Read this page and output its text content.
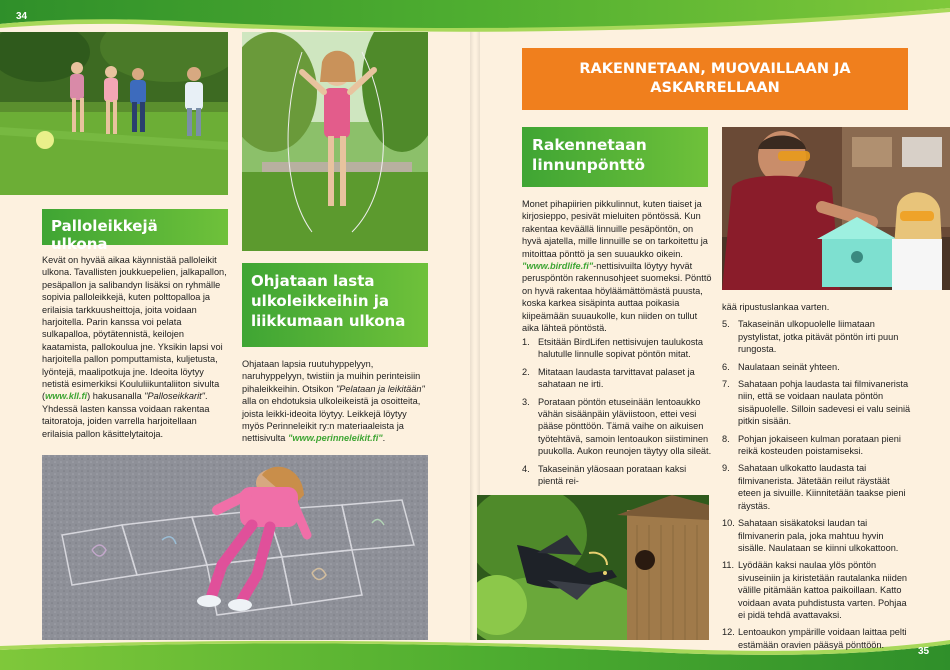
34
35
Palloleikkejä ulkona

Kevät on hyvää aikaa käynnistää palloleikit ulkona. Tavallisten joukkuepelien, jalkapallon, pesäpallon ja salibandyn lisäksi on ryhmälle sopivia palloleikkejä, kuten polttopalloa ja erilaisia tarkkuusheittoja, joita voidaan harjoitella. Parin kanssa voi pelata sulkapalloa, pöytätennistä, keilojen kaatamista, pallokoulua jne. Yksikin lapsi voi harjoitella pallon pomputtamista, kuljetusta, lyöntejä, maalipotkuja jne. Ideoita löytyy netistä esimerkiksi Koululiikuntaliiton sivulta (www.kll.fi) hakusanalla "Palloseikkarit". Yhdessä lasten kanssa voidaan rakentaa taitoratoja, joiden varrella harjoitellaan erilaisia pallon käsittelytaitoja.

Ohjataan lasta ulkoleikkeihin ja liikkumaan ulkona

Ohjataan lapsia ruutuhyppelyyn, naruhyppelyyn, twistiin ja muihin perinteisiin pihaleikkeihin. Otsikon "Pelataan ja leikitään" alla on ehdotuksia ulkoleikeistä ja osoitteita, joista leikki-ideoita löytyy. Leikkejä löytyy myös Perinneleikit ry:n materiaaleista ja nettisivulta "www.perinneleikit.fi".

RAKENNETAAN, MUOVAILLAAN JA ASKARRELLAAN
Rakennetaan linnunpönttö

Monet pihapiirien pikkulinnut, kuten tiaiset ja kirjosieppo, pesivät mieluiten pöntössä. Kun rakentaa keväällä linnuille pesäpöntön, on hyvä ajatella, mille linnuille se on tarkoitettu ja mitoittaa pönttö ja sen suuaukko oikein. "www.birdlife.fi"-nettisivuilta löytyy hyvät peruspöntön rakennusohjeet suomeksi. Pönttö on hyvä rakentaa höyläämättömästä puusta, koska karkea sisäpinta auttaa poikasia kiipeämään suuaukolle, kun niiden on tullut aika lähteä pöntöstä.

1. Etsitään BirdLifen nettisivujen taulukosta halutulle linnulle sopivat pöntön mitat.
2. Mitataan laudasta tarvittavat palaset ja sahataan ne irti.
3. Porataan pöntön etuseinään lentoaukko vähän sisäänpäin yläviistoon, ettei vesi pääse pönttöön. Tämä vaihe on aikuisen työtehtävä, samoin lentoaukon siistiminen puukolla. Aukon reunojen täytyy olla sileät.
4. Takaseinän yläosaan porataan kaksi pientä rei-

kää ripustuslankaa varten.

5. Takaseinän ulkopuolelle liimataan pystylistat, jotka pitävät pöntön irti puun rungosta.
6. Naulataan seinät yhteen.
7. Sahataan pohja laudasta tai filmivanerista niin, että se voidaan naulata pöntön sisäpuolelle. Silloin sadevesi ei valu seiniä pitkin sisään.
8. Pohjan jokaiseen kulman porataan pieni reikä kosteuden poistamiseksi.
9. Sahataan ulkokatto laudasta tai filmivanerista. Jätetään reilut räystäät eteen ja sivuille. Kiinnitetään taakse pieni räystäs.
10. Sahataan sisäkatoksi laudan tai filmivanerin pala, joka mahtuu hyvin sisälle. Naulataan se kiinni ulkokattoon.
11. Lyödään kaksi naulaa ylös pöntön sivuseiniin ja kiristetään rautalanka niiden välille pitämään kattoa paikoillaan. Katto voidaan avata puhdistusta varten. Pohjaa ei pidä tehdä avattavaksi.
12. Lentoaukon ympärille voidaan laittaa pelti estämään oravien pääsyä pönttöön.
